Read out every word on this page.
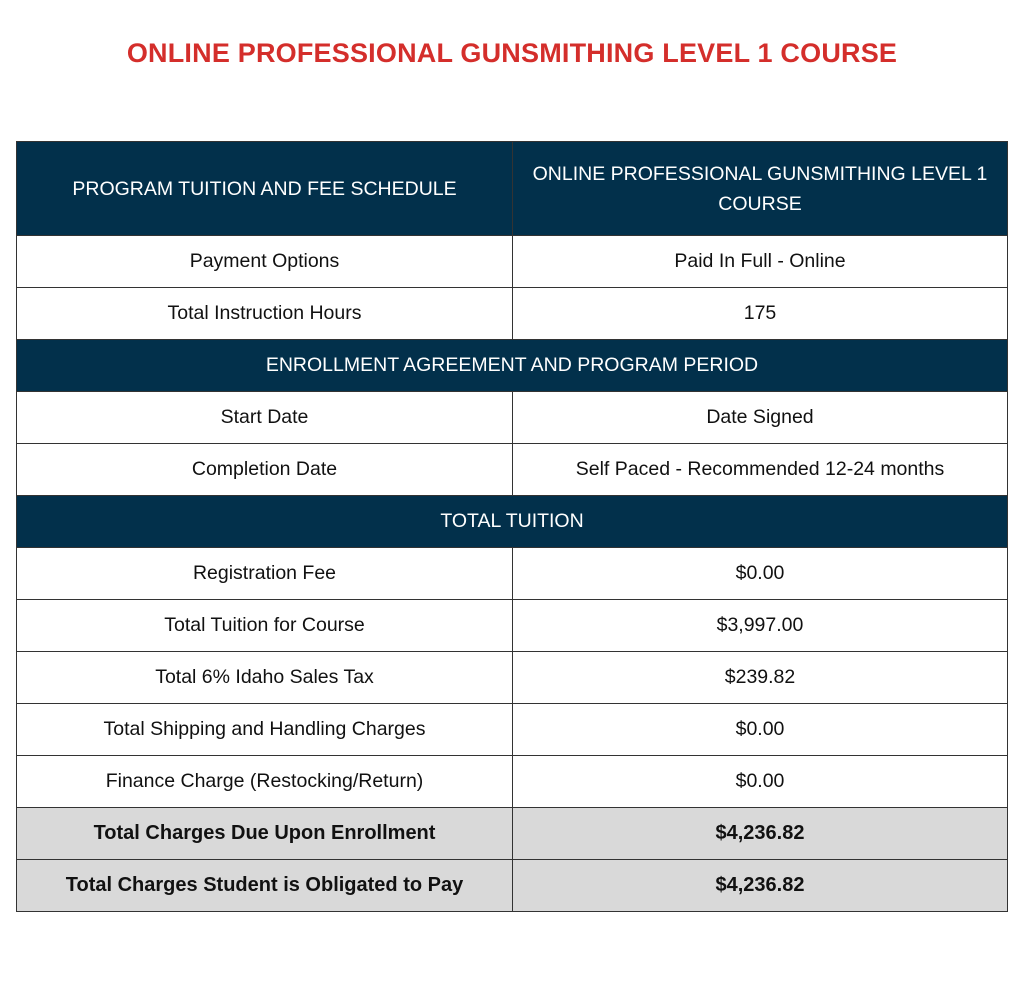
ONLINE PROFESSIONAL GUNSMITHING LEVEL 1 COURSE
PROGRAM TUITION AND FEE SCHEDULE	ONLINE PROFESSIONAL GUNSMITHING LEVEL 1 COURSE
Payment Options	Paid In Full - Online
Total Instruction Hours	175
ENROLLMENT AGREEMENT AND PROGRAM PERIOD	
Start Date	Date Signed
Completion Date	Self Paced - Recommended 12-24 months
TOTAL TUITION	
Registration Fee	$0.00
Total Tuition for Course	$3,997.00
Total 6% Idaho Sales Tax	$239.82
Total Shipping and Handling Charges	$0.00
Finance Charge (Restocking/Return)	$0.00
Total Charges Due Upon Enrollment	$4,236.82
Total Charges Student is Obligated to Pay	$4,236.82
